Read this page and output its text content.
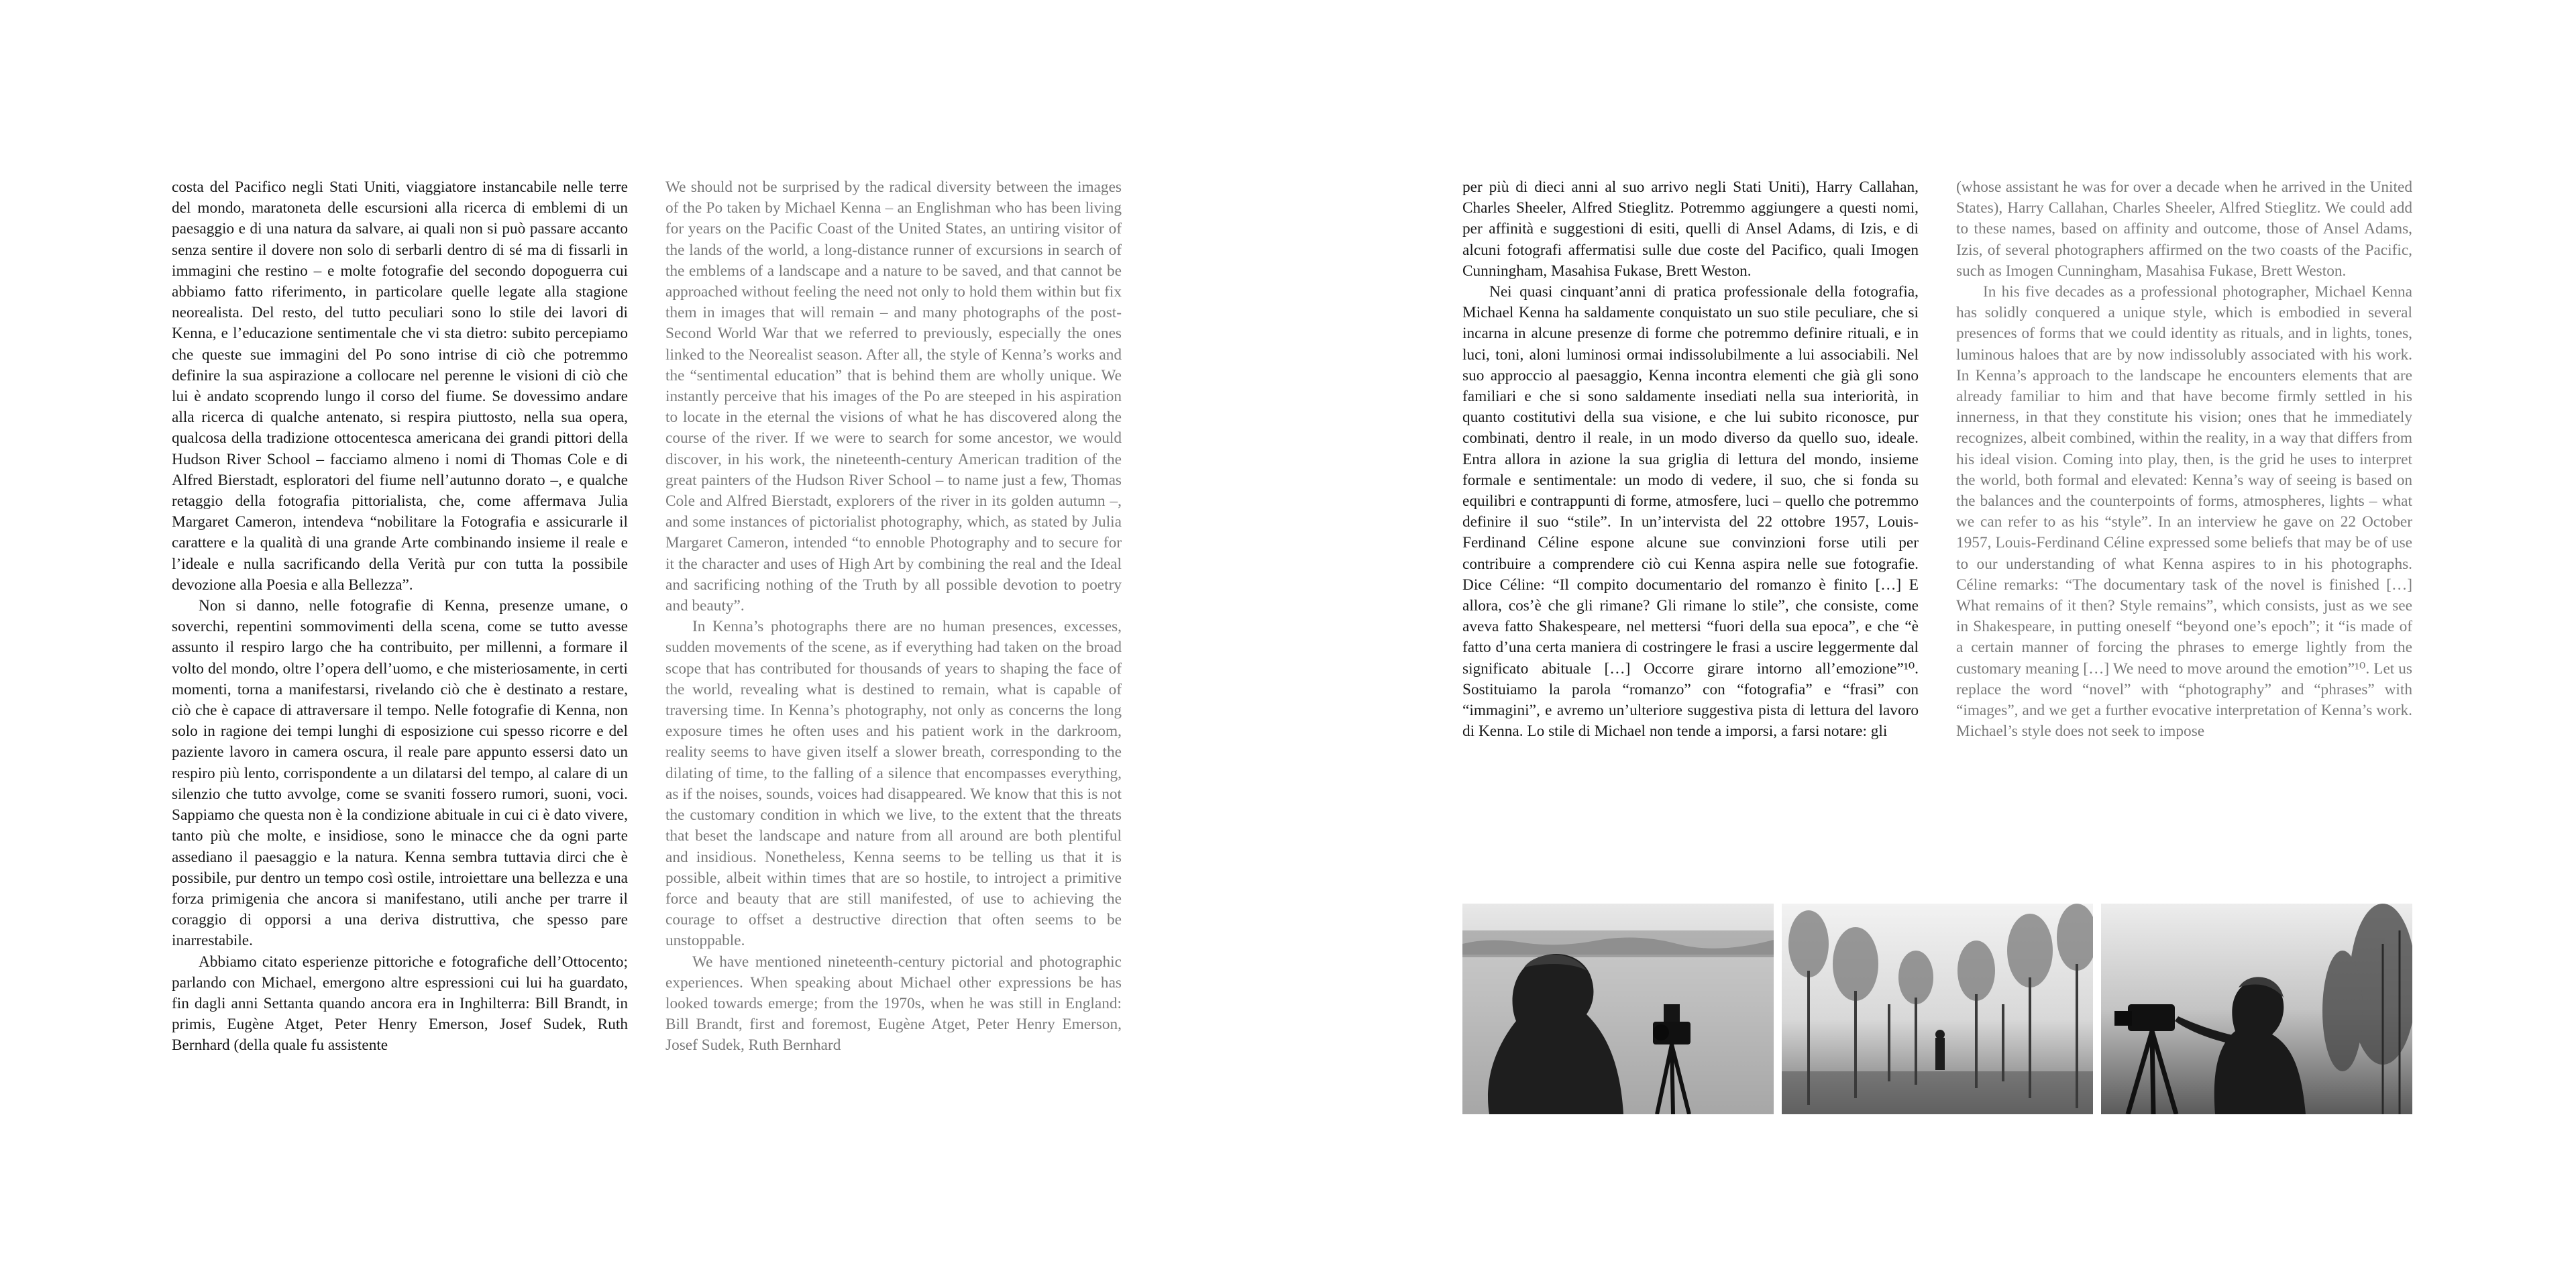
costa del Pacifico negli Stati Uniti, viaggiatore instancabile nelle terre del mondo, maratoneta delle escursioni alla ricerca di emblemi di un paesaggio e di una natura da salvare, ai quali non si può passare accanto senza sentire il dovere non solo di serbarli dentro di sé ma di fissarli in immagini che restino – e molte fotografie del secondo dopoguerra cui abbiamo fatto riferimento, in particolare quelle legate alla stagione neorealista. Del resto, del tutto peculiari sono lo stile dei lavori di Kenna, e l’educazione sentimentale che vi sta dietro: subito percepiamo che queste sue immagini del Po sono intrise di ciò che potremmo definire la sua aspirazione a collocare nel perenne le visioni di ciò che lui è andato scoprendo lungo il corso del fiume. Se dovessimo andare alla ricerca di qualche antenato, si respira piuttosto, nella sua opera, qualcosa della tradizione ottocentesca americana dei grandi pittori della Hudson River School – facciamo almeno i nomi di Thomas Cole e di Alfred Bierstadt, esploratori del fiume nell’autunno dorato –, e qualche retaggio della fotografia pittorialista, che, come affermava Julia Margaret Cameron, intendeva “nobilitare la Fotografia e assicurarle il carattere e la qualità di una grande Arte combinando insieme il reale e l’ideale e nulla sacrificando della Verità pur con tutta la possibile devozione alla Poesia e alla Bellezza”.

Non si danno, nelle fotografie di Kenna, presenze umane, o soverchi, repentini sommovimenti della scena, come se tutto avesse assunto il respiro largo che ha contribuito, per millenni, a formare il volto del mondo, oltre l’opera dell’uomo, e che misteriosamente, in certi momenti, torna a manifestarsi, rivelando ciò che è destinato a restare, ciò che è capace di attraversare il tempo. Nelle fotografie di Kenna, non solo in ragione dei tempi lunghi di esposizione cui spesso ricorre e del paziente lavoro in camera oscura, il reale pare appunto essersi dato un respiro più lento, corrispondente a un dilatarsi del tempo, al calare di un silenzio che tutto avvolge, come se svaniti fossero rumori, suoni, voci. Sappiamo che questa non è la condizione abituale in cui ci è dato vivere, tanto più che molte, e insidiose, sono le minacce che da ogni parte assediano il paesaggio e la natura. Kenna sembra tuttavia dirci che è possibile, pur dentro un tempo così ostile, introiettare una bellezza e una forza primigenia che ancora si manifestano, utili anche per trarre il coraggio di opporsi a una deriva distruttiva, che spesso pare inarrestabile.

Abbiamo citato esperienze pittoriche e fotografiche dell’Ottocento; parlando con Michael, emergono altre espressioni cui lui ha guardato, fin dagli anni Settanta quando ancora era in Inghilterra: Bill Brandt, in primis, Eugène Atget, Peter Henry Emerson, Josef Sudek, Ruth Bernhard (della quale fu assistente

We should not be surprised by the radical diversity between the images of the Po taken by Michael Kenna – an Englishman who has been living for years on the Pacific Coast of the United States, an untiring visitor of the lands of the world, a long-distance runner of excursions in search of the emblems of a landscape and a nature to be saved, and that cannot be approached without feeling the need not only to hold them within but fix them in images that will remain – and many photographs of the post-Second World War that we referred to previously, especially the ones linked to the Neorealist season. After all, the style of Kenna’s works and the “sentimental education” that is behind them are wholly unique. We instantly perceive that his images of the Po are steeped in his aspiration to locate in the eternal the visions of what he has discovered along the course of the river. If we were to search for some ancestor, we would discover, in his work, the nineteenth-century American tradition of the great painters of the Hudson River School – to name just a few, Thomas Cole and Alfred Bierstadt, explorers of the river in its golden autumn –, and some instances of pictorialist photography, which, as stated by Julia Margaret Cameron, intended “to ennoble Photography and to secure for it the character and uses of High Art by combining the real and the Ideal and sacrificing nothing of the Truth by all possible devotion to poetry and beauty”.

In Kenna’s photographs there are no human presences, excesses, sudden movements of the scene, as if everything had taken on the broad scope that has contributed for thousands of years to shaping the face of the world, revealing what is destined to remain, what is capable of traversing time. In Kenna’s photography, not only as concerns the long exposure times he often uses and his patient work in the darkroom, reality seems to have given itself a slower breath, corresponding to the dilating of time, to the falling of a silence that encompasses everything, as if the noises, sounds, voices had disappeared. We know that this is not the customary condition in which we live, to the extent that the threats that beset the landscape and nature from all around are both plentiful and insidious. Nonetheless, Kenna seems to be telling us that it is possible, albeit within times that are so hostile, to introject a primitive force and beauty that are still manifested, of use to achieving the courage to offset a destructive direction that often seems to be unstoppable.

We have mentioned nineteenth-century pictorial and photographic experiences. When speaking about Michael other expressions be has looked towards emerge; from the 1970s, when he was still in England: Bill Brandt, first and foremost, Eugène Atget, Peter Henry Emerson, Josef Sudek, Ruth Bernhard

per più di dieci anni al suo arrivo negli Stati Uniti), Harry Callahan, Charles Sheeler, Alfred Stieglitz. Potremmo aggiungere a questi nomi, per affinità e suggestioni di esiti, quelli di Ansel Adams, di Izis, e di alcuni fotografi affermatisi sulle due coste del Pacifico, quali Imogen Cunningham, Masahisa Fukase, Brett Weston.

Nei quasi cinquant’anni di pratica professionale della fotografia, Michael Kenna ha saldamente conquistato un suo stile peculiare, che si incarna in alcune presenze di forme che potremmo definire rituali, e in luci, toni, aloni luminosi ormai indissolubilmente a lui associabili. Nel suo approccio al paesaggio, Kenna incontra elementi che già gli sono familiari e che si sono saldamente insediati nella sua interiorità, in quanto costitutivi della sua visione, e che lui subito riconosce, pur combinati, dentro il reale, in un modo diverso da quello suo, ideale. Entra allora in azione la sua griglia di lettura del mondo, insieme formale e sentimentale: un modo di vedere, il suo, che si fonda su equilibri e contrappunti di forme, atmosfere, luci – quello che potremmo definire il suo “stile”. In un’intervista del 22 ottobre 1957, Louis-Ferdinand Céline espone alcune sue convinzioni forse utili per contribuire a comprendere ciò cui Kenna aspira nelle sue fotografie. Dice Céline: “Il compito documentario del romanzo è finito […] E allora, cos’è che gli rimane? Gli rimane lo stile”, che consiste, come aveva fatto Shakespeare, nel mettersi “fuori della sua epoca”, e che “è fatto d’una certa maniera di costringere le frasi a uscire leggermente dal significato abituale […] Occorre girare intorno all’emozione”¹⁰. Sostituiamo la parola “romanzo” con “fotografia” e “frasi” con “immagini”, e avremo un’ulteriore suggestiva pista di lettura del lavoro di Kenna. Lo stile di Michael non tende a imporsi, a farsi notare: gli

(whose assistant he was for over a decade when he arrived in the United States), Harry Callahan, Charles Sheeler, Alfred Stieglitz. We could add to these names, based on affinity and outcome, those of Ansel Adams, Izis, of several photographers affirmed on the two coasts of the Pacific, such as Imogen Cunningham, Masahisa Fukase, Brett Weston.

In his five decades as a professional photographer, Michael Kenna has solidly conquered a unique style, which is embodied in several presences of forms that we could identity as rituals, and in lights, tones, luminous haloes that are by now indissolubly associated with his work. In Kenna’s approach to the landscape he encounters elements that are already familiar to him and that have become firmly settled in his innerness, in that they constitute his vision; ones that he immediately recognizes, albeit combined, within the reality, in a way that differs from his ideal vision. Coming into play, then, is the grid he uses to interpret the world, both formal and elevated: Kenna’s way of seeing is based on the balances and the counterpoints of forms, atmospheres, lights – what we can refer to as his “style”. In an interview he gave on 22 October 1957, Louis-Ferdinand Céline expressed some beliefs that may be of use to our understanding of what Kenna aspires to in his photographs. Céline remarks: “The documentary task of the novel is finished […] What remains of it then? Style remains”, which consists, just as we see in Shakespeare, in putting oneself “beyond one’s epoch”; it “is made of a certain manner of forcing the phrases to emerge lightly from the customary meaning […] We need to move around the emotion”¹⁰. Let us replace the word “novel” with “photography” and “phrases” with “images”, and we get a further evocative interpretation of Kenna’s work. Michael’s style does not seek to impose
